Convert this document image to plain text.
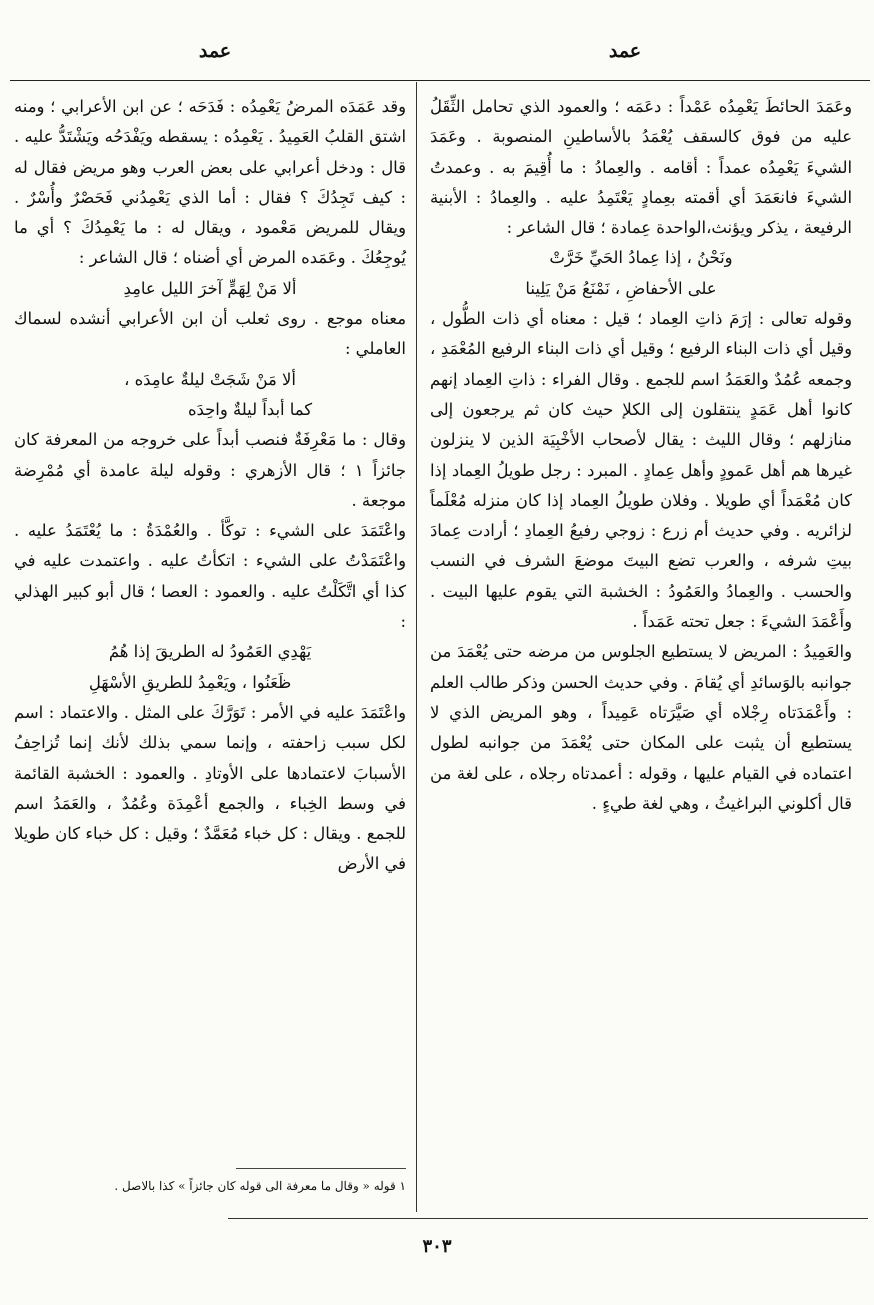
عمد
عمد

وعَمَدَ الحائطَ يَعْمِدُه عَمْداً : دعَمَه ؛ والعمود الذي تحامل الثِّقَلُ عليه من فوق كالسقف يُعْمَدُ بالأساطينِ المنصوبة . وعَمَدَ الشيءَ يَعْمِدُه عمداً : أقامه . والعِمادُ : ما أُقِيمَ به . وعمدتُ الشيءَ فانعَمَدَ أي أقمته بعِمادٍ يَعْتَمِدُ عليه . والعِمادُ : الأبنية الرفيعة ، يذكر ويؤنث،الواحدة عِمادة ؛ قال الشاعر :

ونَحْنُ ، إذا عِمادُ الحَيِّ خَرَّتْ

على الأحفاضِ ، نَمْنَعُ مَنْ يَلِينا

وقوله تعالى : إرَمَ ذاتِ العِماد ؛ قيل : معناه أي ذات الطُّول ، وقيل أي ذات البناء الرفيع ؛ وقيل أي ذات البناء الرفيع المُعْمَدِ ، وجمعه عُمُدٌ والعَمَدُ اسم للجمع . وقال الفراء : ذاتِ العِماد إنهم كانوا أهل عَمَدٍ ينتقلون إلى الكلإ حيث كان ثم يرجعون إلى منازلهم ؛ وقال الليث : يقال لأصحاب الأخْبِيَة الذين لا ينزلون غيرها هم أهل عَمودٍ وأهل عِمادٍ . المبرد : رجل طويلُ العِماد إذا كان مُعْمَداً أي طويلا . وفلان طويلُ العِماد إذا كان منزله مُعْلَماً لزائريه . وفي حديث أم زرع : زوجي رفيعُ العِمادِ ؛ أرادت عِمادَ بيتِ شرفه ، والعرب تضع البيتَ موضعَ الشرف في النسب والحسب . والعِمادُ والعَمُودُ : الخشبة التي يقوم عليها البيت . وأَعْمَدَ الشيءَ : جعل تحته عَمَداً .

والعَمِيدُ : المريض لا يستطيع الجلوس من مرضه حتى يُعْمَدَ من جوانبه بالوَسائدِ أي يُقامَ . وفي حديث الحسن وذكر طالب العلم : وأَعْمَدَتاه رِجْلاه أي صَيَّرَتاه عَمِيداً ، وهو المريض الذي لا يستطيع أن يثبت على المكان حتى يُعْمَدَ من جوانبه لطول اعتماده في القيام عليها ، وقوله : أعمدتاه رجلاه ، على لغة من قال أكلوني البراغيثُ ، وهي لغة طيءٍ .

وقد عَمَدَه المرضُ يَعْمِدُه : فَدَحَه ؛ عن ابن الأعرابي ؛ ومنه اشتق القلبُ العَمِيدُ . يَعْمِدُه : يسقطه ويَفْدَحُه ويَشْتَدُّ عليه . قال : ودخل أعرابي على بعض العرب وهو مريض فقال له : كيف تَجِدُكَ ؟ فقال : أما الذي يَعْمِدُني فَحَصْرٌ وأُسْرٌ . ويقال للمريض مَعْمود ، ويقال له : ما يَعْمِدُكَ ؟ أي ما يُوجِعُكَ . وعَمَده المرض أي أضناه ؛ قال الشاعر :

ألا مَنْ لِهَمٍّ آخرَ الليل عامِدِ

معناه موجع . روى ثعلب أن ابن الأعرابي أنشده لسماك العاملي :

ألا مَنْ شَجَتْ ليلةٌ عامِدَه ،

كما أبداً ليلةٌ واحِدَه

وقال : ما مَعْرِفَةٌ فنصب أبداً على خروجه من المعرفة كان جائزاً ١ ؛ قال الأزهري : وقوله ليلة عامدة أي مُمْرِضة موجعة .

واعْتَمَدَ على الشيء : توكَّأ . والعُمْدَةُ : ما يُعْتَمَدُ عليه . واعْتَمَدْتُ على الشيء : اتكأتُ عليه . واعتمدت عليه في كذا أي اتَّكَلْتُ عليه . والعمود : العصا ؛ قال أبو كبير الهذلي :

يَهْدِي العَمُودُ له الطريقَ إذا هُمُ

ظَعَنُوا ، ويَعْمِدُ للطريقِ الأسْهَلِ

واعْتَمَدَ عليه في الأمر : تَوَرَّكَ على المثل . والاعتماد : اسم لكل سبب زاحفته ، وإنما سمي بذلك لأنك إنما تُزاحِفُ الأسبابَ لاعتمادها على الأوتادِ . والعمود : الخشبة القائمة في وسط الخِباء ، والجمع أعْمِدَة وعُمُدٌ ، والعَمَدُ اسم للجمع . ويقال : كل خباء مُعَمَّدٌ ؛ وقيل : كل خباء كان طويلا في الأرض

١ قوله « وقال ما معرفة الى قوله كان جائزاً » كذا بالاصل .
٣٠٣
